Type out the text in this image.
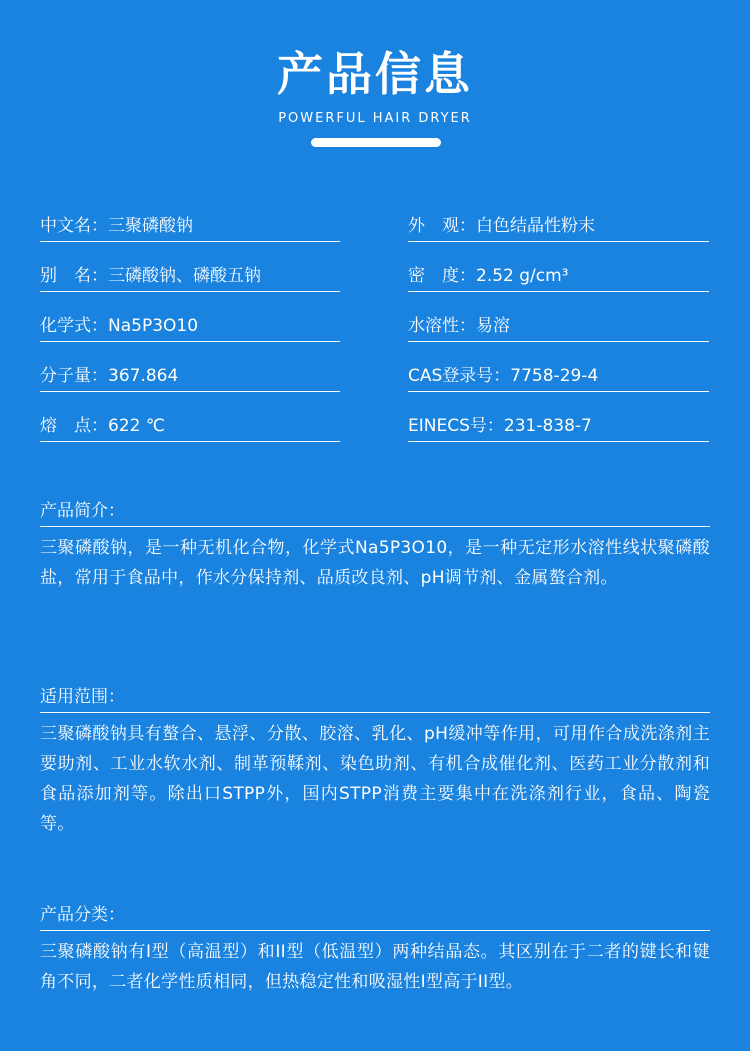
产品信息
POWERFUL HAIR DRYER
中文名：三聚磷酸钠
别　名：三磷酸钠、磷酸五钠
化学式：Na5P3O10
分子量：367.864
熔　点：622 ℃
外　观：白色结晶性粉末
密　度：2.52 g/cm³
水溶性：易溶
CAS登录号：7758-29-4
EINECS号：231-838-7
产品简介：
三聚磷酸钠，是一种无机化合物，化学式Na5P3O10，是一种无定形水溶性线状聚磷酸盐，常用于食品中，作水分保持剂、品质改良剂、pH调节剂、金属螯合剂。
适用范围：
三聚磷酸钠具有螯合、悬浮、分散、胶溶、乳化、pH缓冲等作用，可用作合成洗涤剂主要助剂、工业水软水剂、制革预鞣剂、染色助剂、有机合成催化剂、医药工业分散剂和食品添加剂等。除出口STPP外，国内STPP消费主要集中在洗涤剂行业，食品、陶瓷等。
产品分类：
三聚磷酸钠有I型（高温型）和II型（低温型）两种结晶态。其区别在于二者的键长和键角不同，二者化学性质相同，但热稳定性和吸湿性I型高于II型。
